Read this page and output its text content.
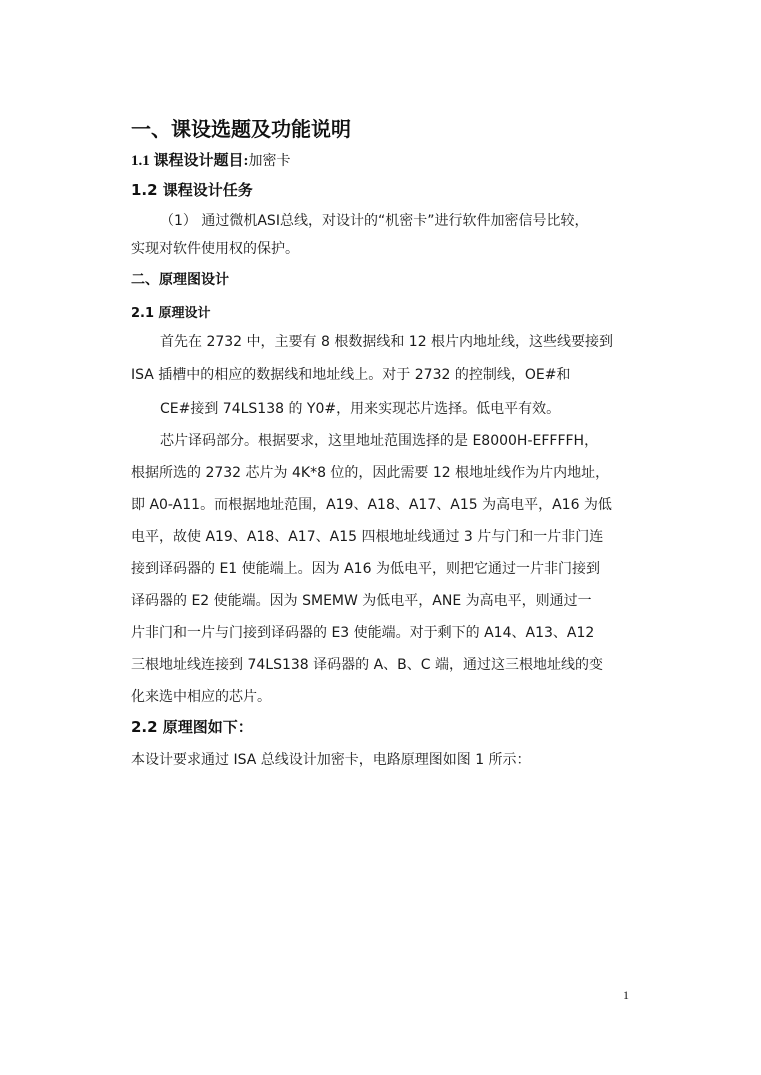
一、课设选题及功能说明
1.1 课程设计题目:加密卡
1.2 课程设计任务
（1） 通过微机ASI总线，对设计的“机密卡”进行软件加密信号比较，
实现对软件使用权的保护。
二、原理图设计
2.1 原理设计
首先在 2732 中，主要有 8 根数据线和 12 根片内地址线，这些线要接到
ISA 插槽中的相应的数据线和地址线上。对于 2732 的控制线，OE#和
CE#接到 74LS138 的 Y0#，用来实现芯片选择。低电平有效。
芯片译码部分。根据要求，这里地址范围选择的是 E8000H-EFFFFH，
根据所选的 2732 芯片为 4K*8 位的，因此需要 12 根地址线作为片内地址，
即 A0-A11。而根据地址范围，A19、A18、A17、A15 为高电平，A16 为低
电平，故使 A19、A18、A17、A15 四根地址线通过 3 片与门和一片非门连
接到译码器的 E1 使能端上。因为 A16 为低电平，则把它通过一片非门接到
译码器的 E2 使能端。因为 SMEMW 为低电平，ANE 为高电平，则通过一
片非门和一片与门接到译码器的 E3 使能端。对于剩下的 A14、A13、A12
三根地址线连接到 74LS138 译码器的 A、B、C 端，通过这三根地址线的变
化来选中相应的芯片。
2.2 原理图如下：
本设计要求通过 ISA 总线设计加密卡，电路原理图如图 1 所示：
1
